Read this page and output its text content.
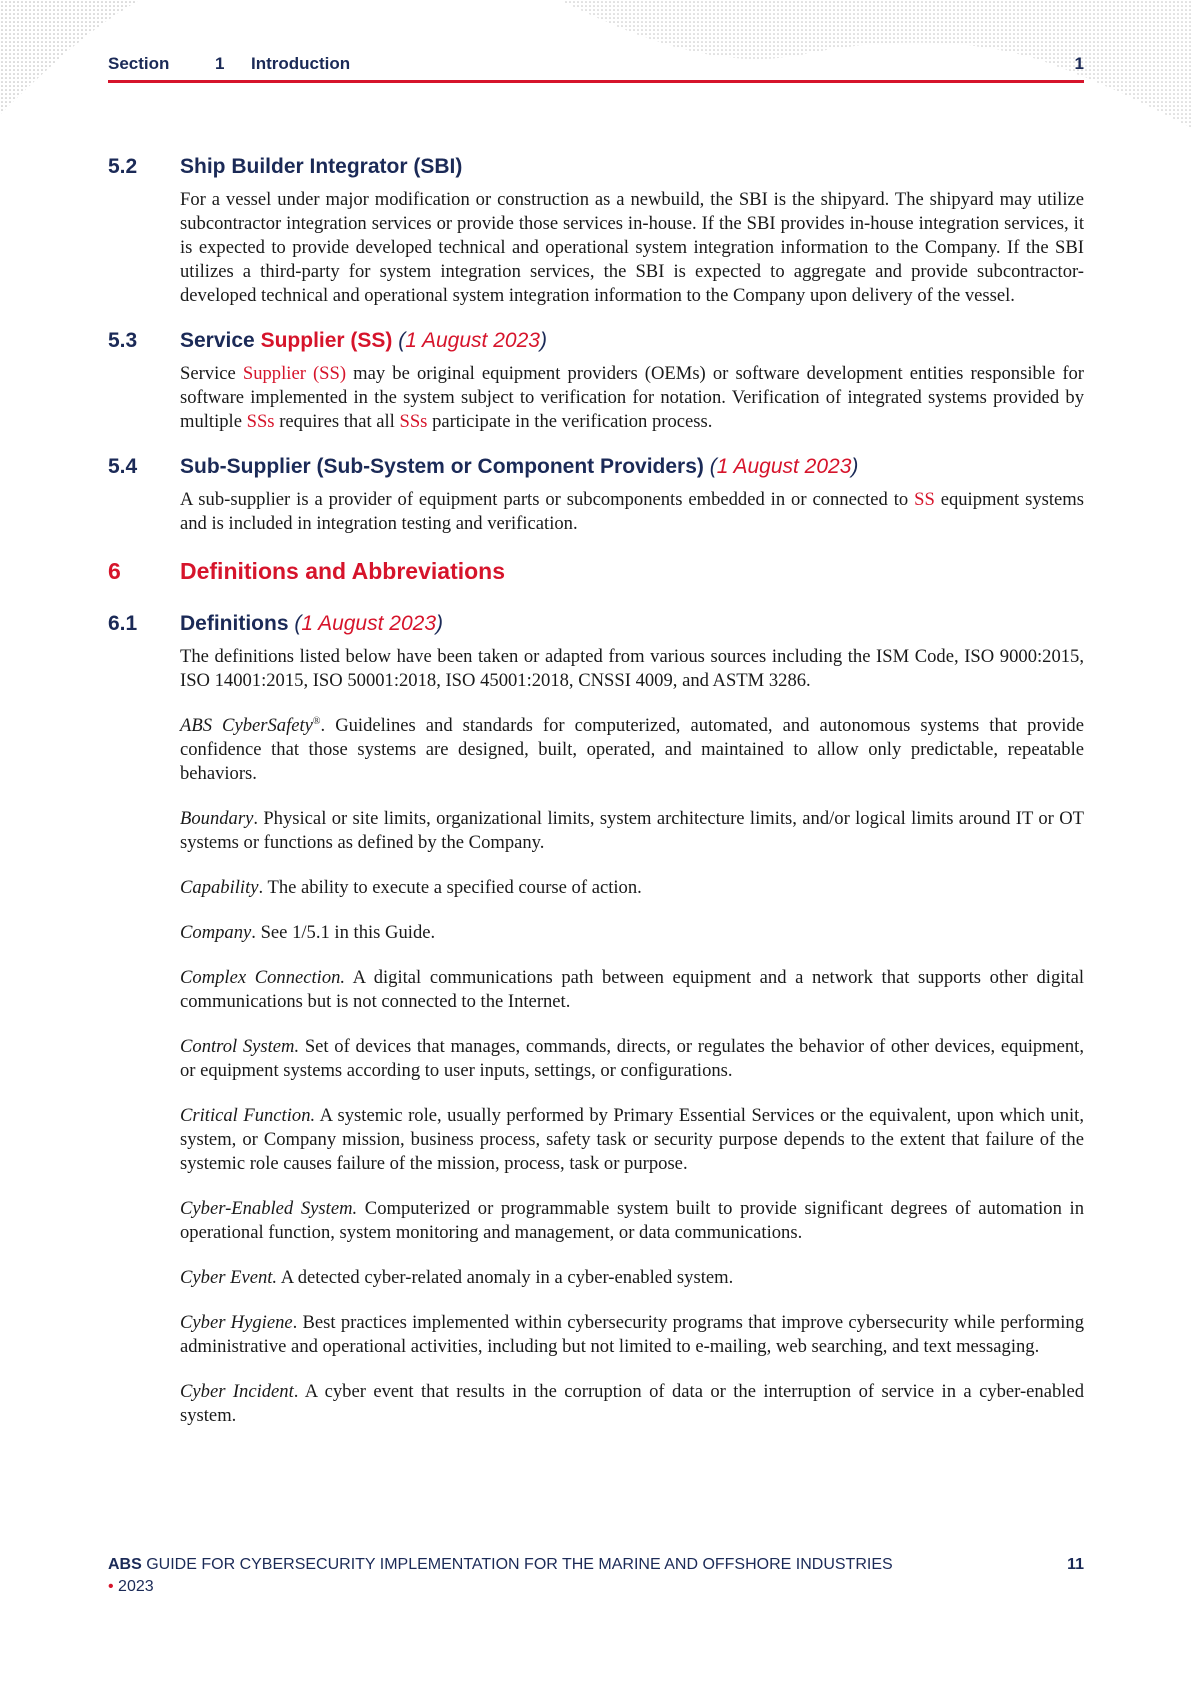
Section	1 Introduction	1
5.2 Ship Builder Integrator (SBI)

For a vessel under major modification or construction as a newbuild, the SBI is the shipyard. The shipyard may utilize subcontractor integration services or provide those services in-house. If the SBI provides in-house integration services, it is expected to provide developed technical and operational system integration information to the Company. If the SBI utilizes a third-party for system integration services, the SBI is expected to aggregate and provide subcontractor-developed technical and operational system integration information to the Company upon delivery of the vessel.

5.3 Service Supplier (SS) (1 August 2023)

Service Supplier (SS) may be original equipment providers (OEMs) or software development entities responsible for software implemented in the system subject to verification for notation. Verification of integrated systems provided by multiple SSs requires that all SSs participate in the verification process.

5.4 Sub-Supplier (Sub-System or Component Providers) (1 August 2023)

A sub-supplier is a provider of equipment parts or subcomponents embedded in or connected to SS equipment systems and is included in integration testing and verification.

6	Definitions and Abbreviations
6.1 Definitions (1 August 2023)

The definitions listed below have been taken or adapted from various sources including the ISM Code, ISO 9000:2015, ISO 14001:2015, ISO 50001:2018, ISO 45001:2018, CNSSI 4009, and ASTM 3286.

ABS CyberSafety®. Guidelines and standards for computerized, automated, and autonomous systems that provide confidence that those systems are designed, built, operated, and maintained to allow only predictable, repeatable behaviors.

Boundary. Physical or site limits, organizational limits, system architecture limits, and/or logical limits around IT or OT systems or functions as defined by the Company.

Capability. The ability to execute a specified course of action.

Company. See 1/5.1 in this Guide.

Complex Connection. A digital communications path between equipment and a network that supports other digital communications but is not connected to the Internet.

Control System. Set of devices that manages, commands, directs, or regulates the behavior of other devices, equipment, or equipment systems according to user inputs, settings, or configurations.

Critical Function. A systemic role, usually performed by Primary Essential Services or the equivalent, upon which unit, system, or Company mission, business process, safety task or security purpose depends to the extent that failure of the systemic role causes failure of the mission, process, task or purpose.

Cyber-Enabled System. Computerized or programmable system built to provide significant degrees of automation in operational function, system monitoring and management, or data communications.

Cyber Event. A detected cyber-related anomaly in a cyber-enabled system.

Cyber Hygiene. Best practices implemented within cybersecurity programs that improve cybersecurity while performing administrative and operational activities, including but not limited to e-mailing, web searching, and text messaging.

Cyber Incident. A cyber event that results in the corruption of data or the interruption of service in a cyber-enabled system.

ABS GUIDE FOR CYBERSECURITY IMPLEMENTATION FOR THE MARINE AND OFFSHORE INDUSTRIES
• 2023
11
